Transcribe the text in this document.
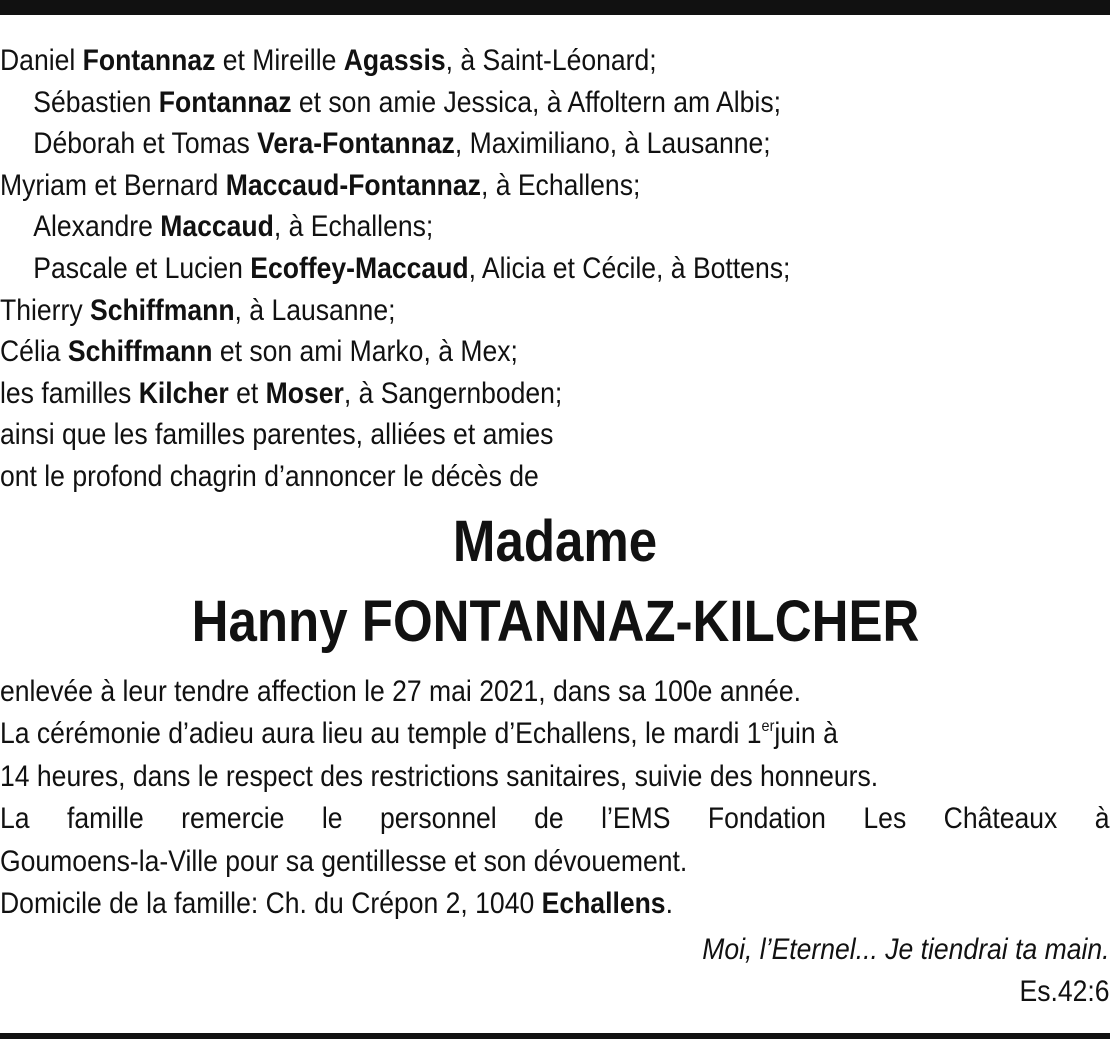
Daniel Fontannaz et Mireille Agassis, à Saint-Léonard;
Sébastien Fontannaz et son amie Jessica, à Affoltern am Albis;
Déborah et Tomas Vera-Fontannaz, Maximiliano, à Lausanne;
Myriam et Bernard Maccaud-Fontannaz, à Echallens;
Alexandre Maccaud, à Echallens;
Pascale et Lucien Ecoffey-Maccaud, Alicia et Cécile, à Bottens;
Thierry Schiffmann, à Lausanne;
Célia Schiffmann et son ami Marko, à Mex;
les familles Kilcher et Moser, à Sangernboden;
ainsi que les familles parentes, alliées et amies
ont le profond chagrin d’annoncer le décès de
Madame
Hanny FONTANNAZ-KILCHER
enlevée à leur tendre affection le 27 mai 2021, dans sa 100e année.
La cérémonie d’adieu aura lieu au temple d’Echallens, le mardi 1erjuin à
14 heures, dans le respect des restrictions sanitaires, suivie des honneurs.
La famille remercie le personnel de l’EMS Fondation Les Châteaux à
Goumoens-la-Ville pour sa gentillesse et son dévouement.
Domicile de la famille: Ch. du Crépon 2, 1040 Echallens.
Moi, l’Eternel... Je tiendrai ta main.
Es.42:6
